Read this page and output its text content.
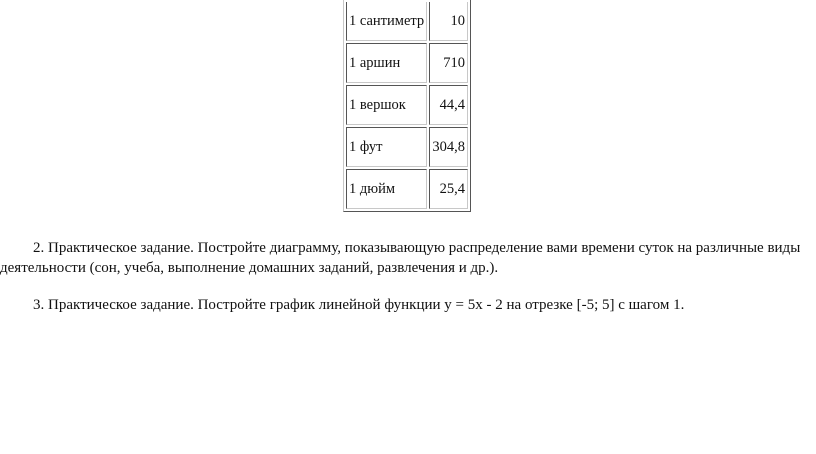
1 сантиметр	10
1 аршин	710
1 вершок	44,4
1 фут	304,8
1 дюйм	25,4

2. Практическое задание. Постройте диаграмму, показывающую распределение вами времени суток на различные виды
деятельности (сон, учеба, выполнение домашних заданий, развлечения и др.).

3. Практическое задание. Постройте график линейной функции y = 5x - 2 на отрезке [-5; 5] с шагом 1.
